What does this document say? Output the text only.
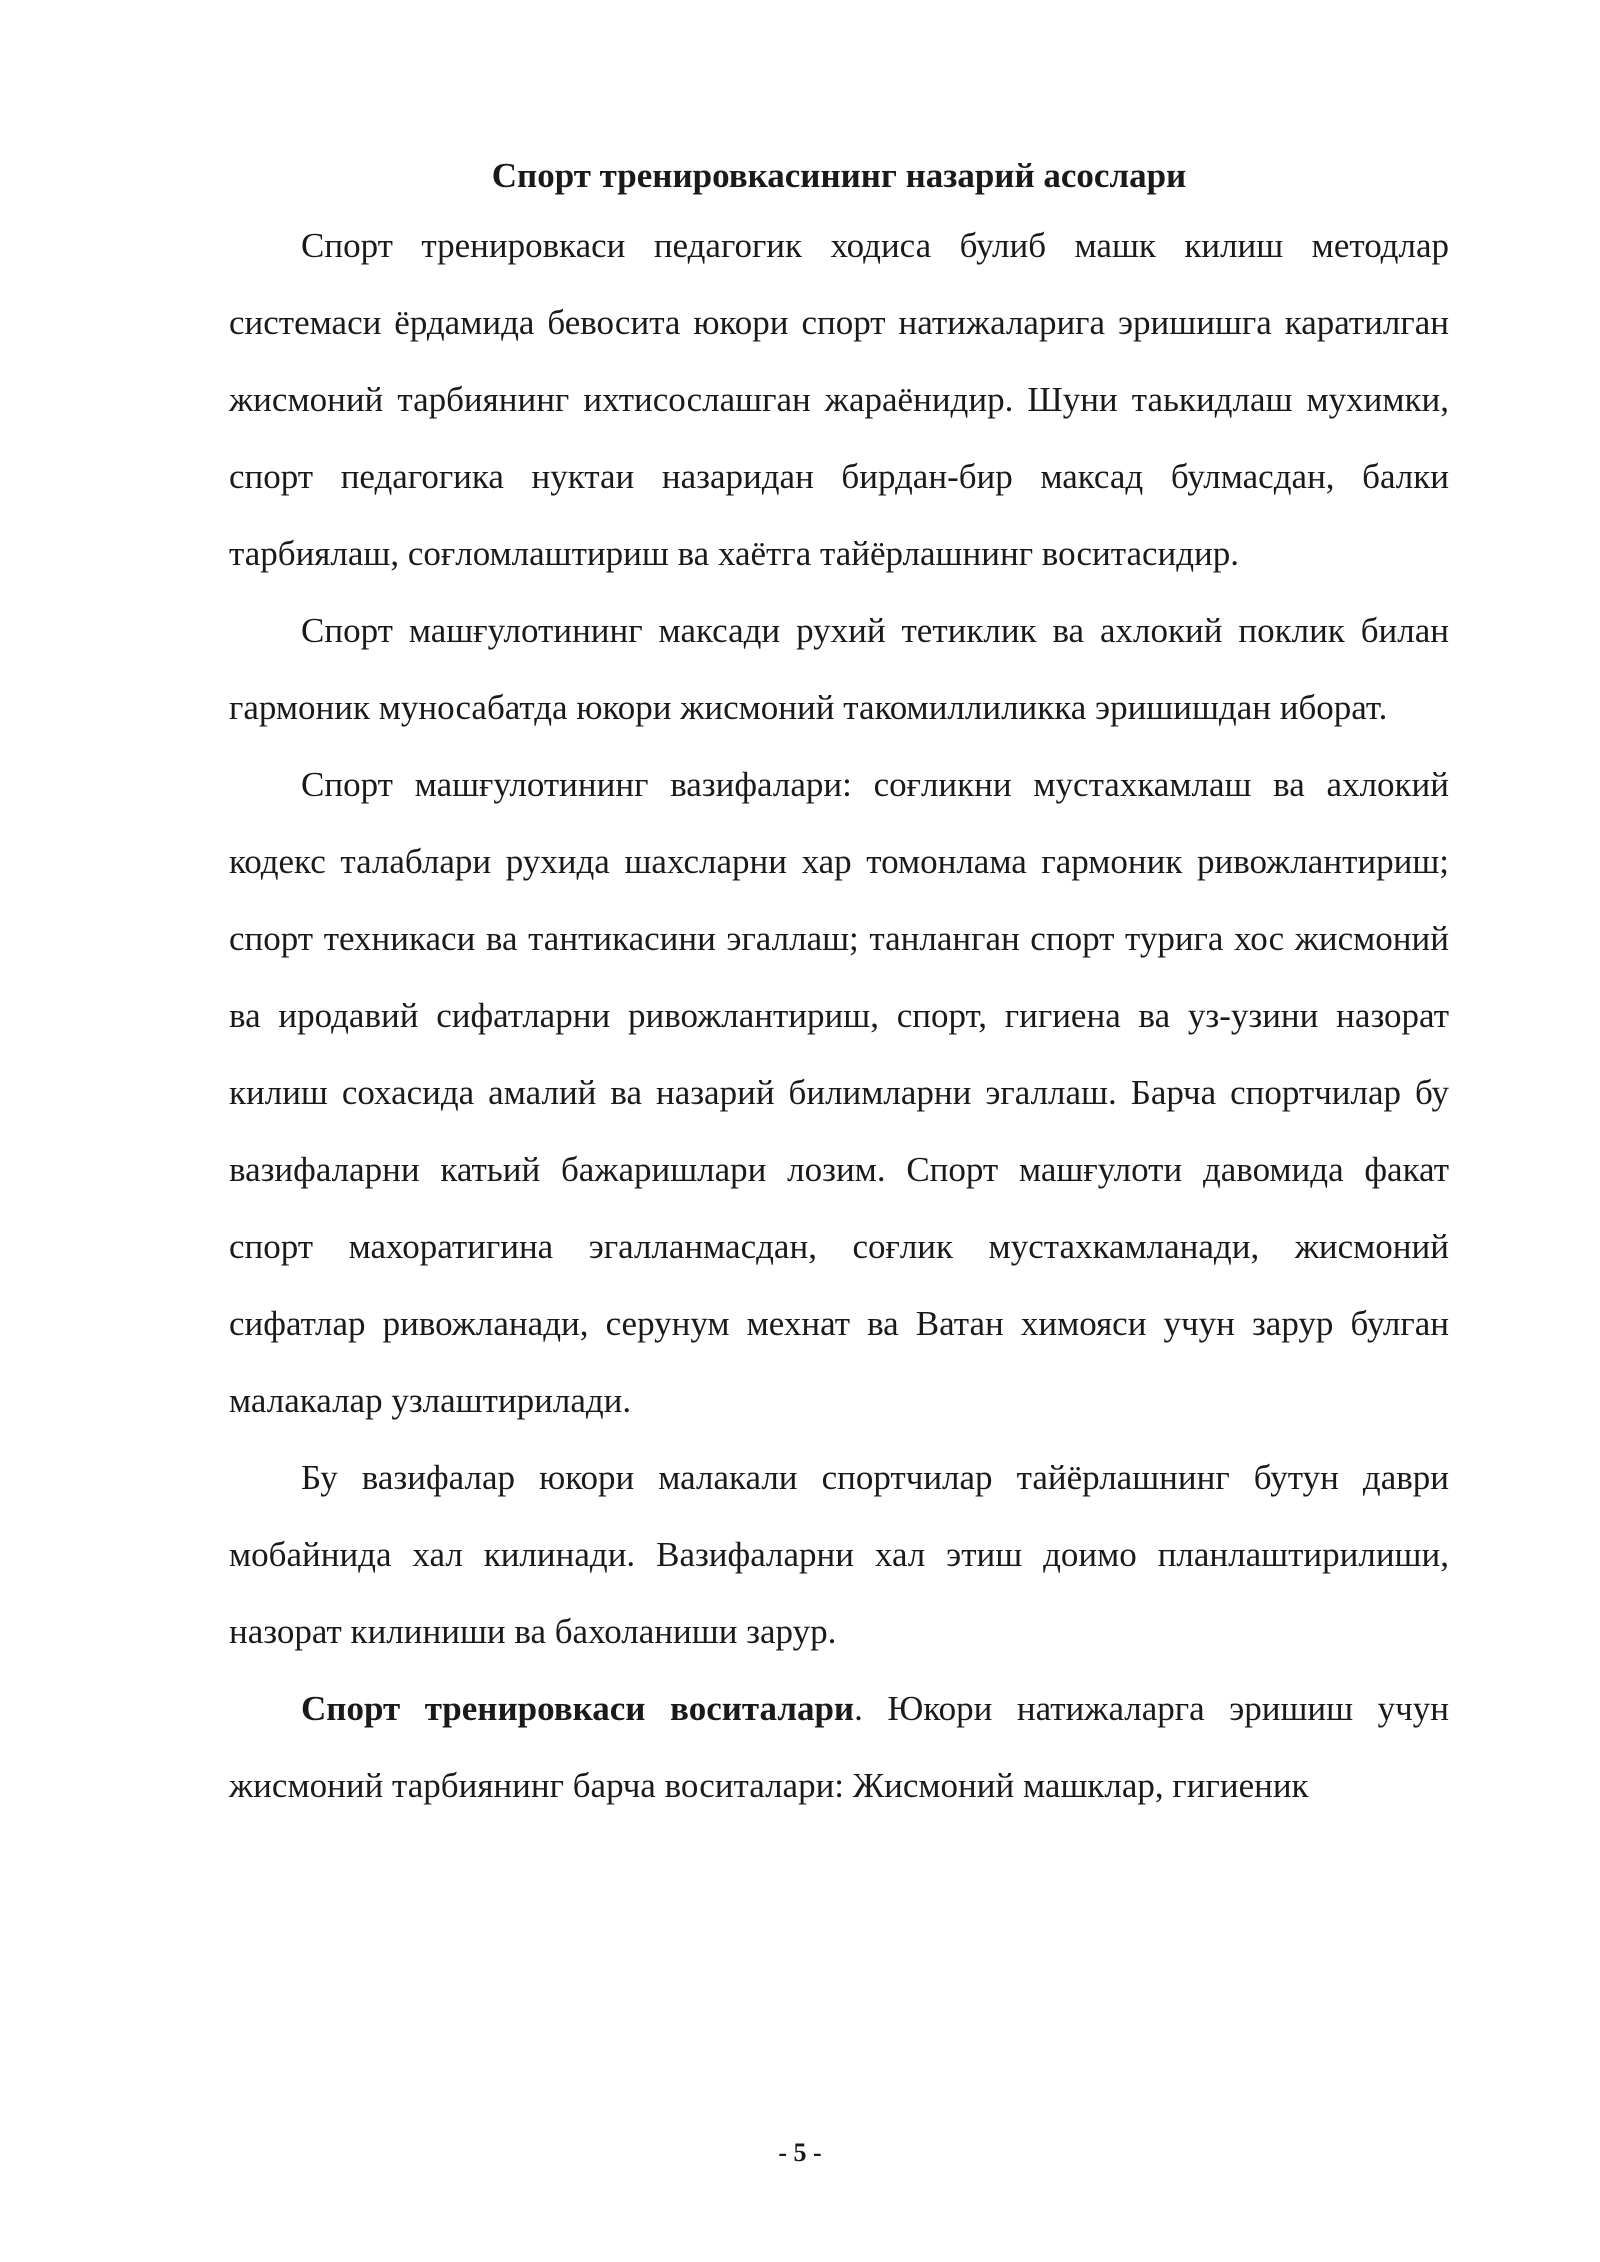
Спорт тренировкасининг назарий асослари

Спорт тренировкаси педагогик ходиса булиб машк килиш методлар системаси ёрдамида бевосита юкори спорт натижаларига эришишга каратилган жисмоний тарбиянинг ихтисослашган жараёнидир. Шуни таькидлаш мухимки, спорт педагогика нуктаи назаридан бирдан-бир максад булмасдан, балки тарбиялаш, соғломлаштириш ва хаётга тайёрлашнинг воситасидир.

Спорт машғулотининг максади рухий тетиклик ва ахлокий поклик билан гармоник муносабатда юкори жисмоний такомиллиликка эришишдан иборат.

Спорт машғулотининг вазифалари: соғликни мустахкамлаш ва ахлокий кодекс талаблари рухида шахсларни хар томонлама гармоник ривожлантириш; спорт техникаси ва тантикасини эгаллаш; танланган спорт турига хос жисмоний ва иродавий сифатларни ривожлантириш, спорт, гигиена ва уз-узини назорат килиш сохасида амалий ва назарий билимларни эгаллаш. Барча спортчилар бу вазифаларни катьий бажаришлари лозим. Спорт машғулоти давомида факат спорт махоратигина эгалланмасдан, соғлик мустахкамланади, жисмоний сифатлар ривожланади, серунум мехнат ва Ватан химояси учун зарур булган малакалар узлаштирилади.

Бу вазифалар юкори малакали спортчилар тайёрлашнинг бутун даври мобайнида хал килинади. Вазифаларни хал этиш доимо планлаштирилиши, назорат килиниши ва бахоланиши зарур.

Спорт тренировкаси воситалари. Юкори натижаларга эришиш учун жисмоний тарбиянинг барча воситалари: Жисмоний машклар, гигиеник

- 5 -
